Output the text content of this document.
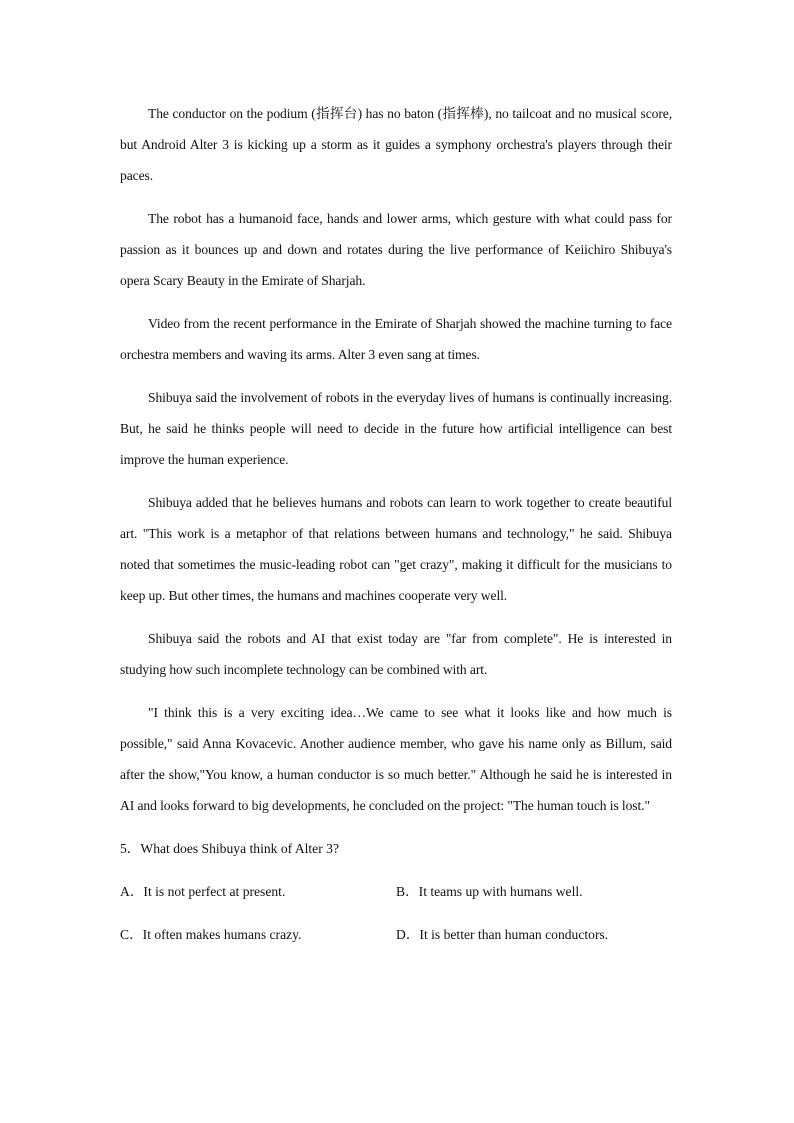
The conductor on the podium (指挥台) has no baton (指挥棒), no tailcoat and no musical score, but Android Alter 3 is kicking up a storm as it guides a symphony orchestra's players through their paces.

The robot has a humanoid face, hands and lower arms, which gesture with what could pass for passion as it bounces up and down and rotates during the live performance of Keiichiro Shibuya's opera Scary Beauty in the Emirate of Sharjah.

Video from the recent performance in the Emirate of Sharjah showed the machine turning to face orchestra members and waving its arms. Alter 3 even sang at times.

Shibuya said the involvement of robots in the everyday lives of humans is continually increasing. But, he said he thinks people will need to decide in the future how artificial intelligence can best improve the human experience.

Shibuya added that he believes humans and robots can learn to work together to create beautiful art. "This work is a metaphor of that relations between humans and technology," he said. Shibuya noted that sometimes the music-leading robot can "get crazy", making it difficult for the musicians to keep up. But other times, the humans and machines cooperate very well.

Shibuya said the robots and AI that exist today are "far from complete". He is interested in studying how such incomplete technology can be combined with art.

"I think this is a very exciting idea…We came to see what it looks like and how much is possible," said Anna Kovacevic. Another audience member, who gave his name only as Billum, said after the show,"You know, a human conductor is so much better." Although he said he is interested in AI and looks forward to big developments, he concluded on the project: "The human touch is lost."

5．What does Shibuya think of Alter 3?
A． It is not perfect at present.	B． It teams up with humans well.
C． It often makes humans crazy.	D． It is better than human conductors.
